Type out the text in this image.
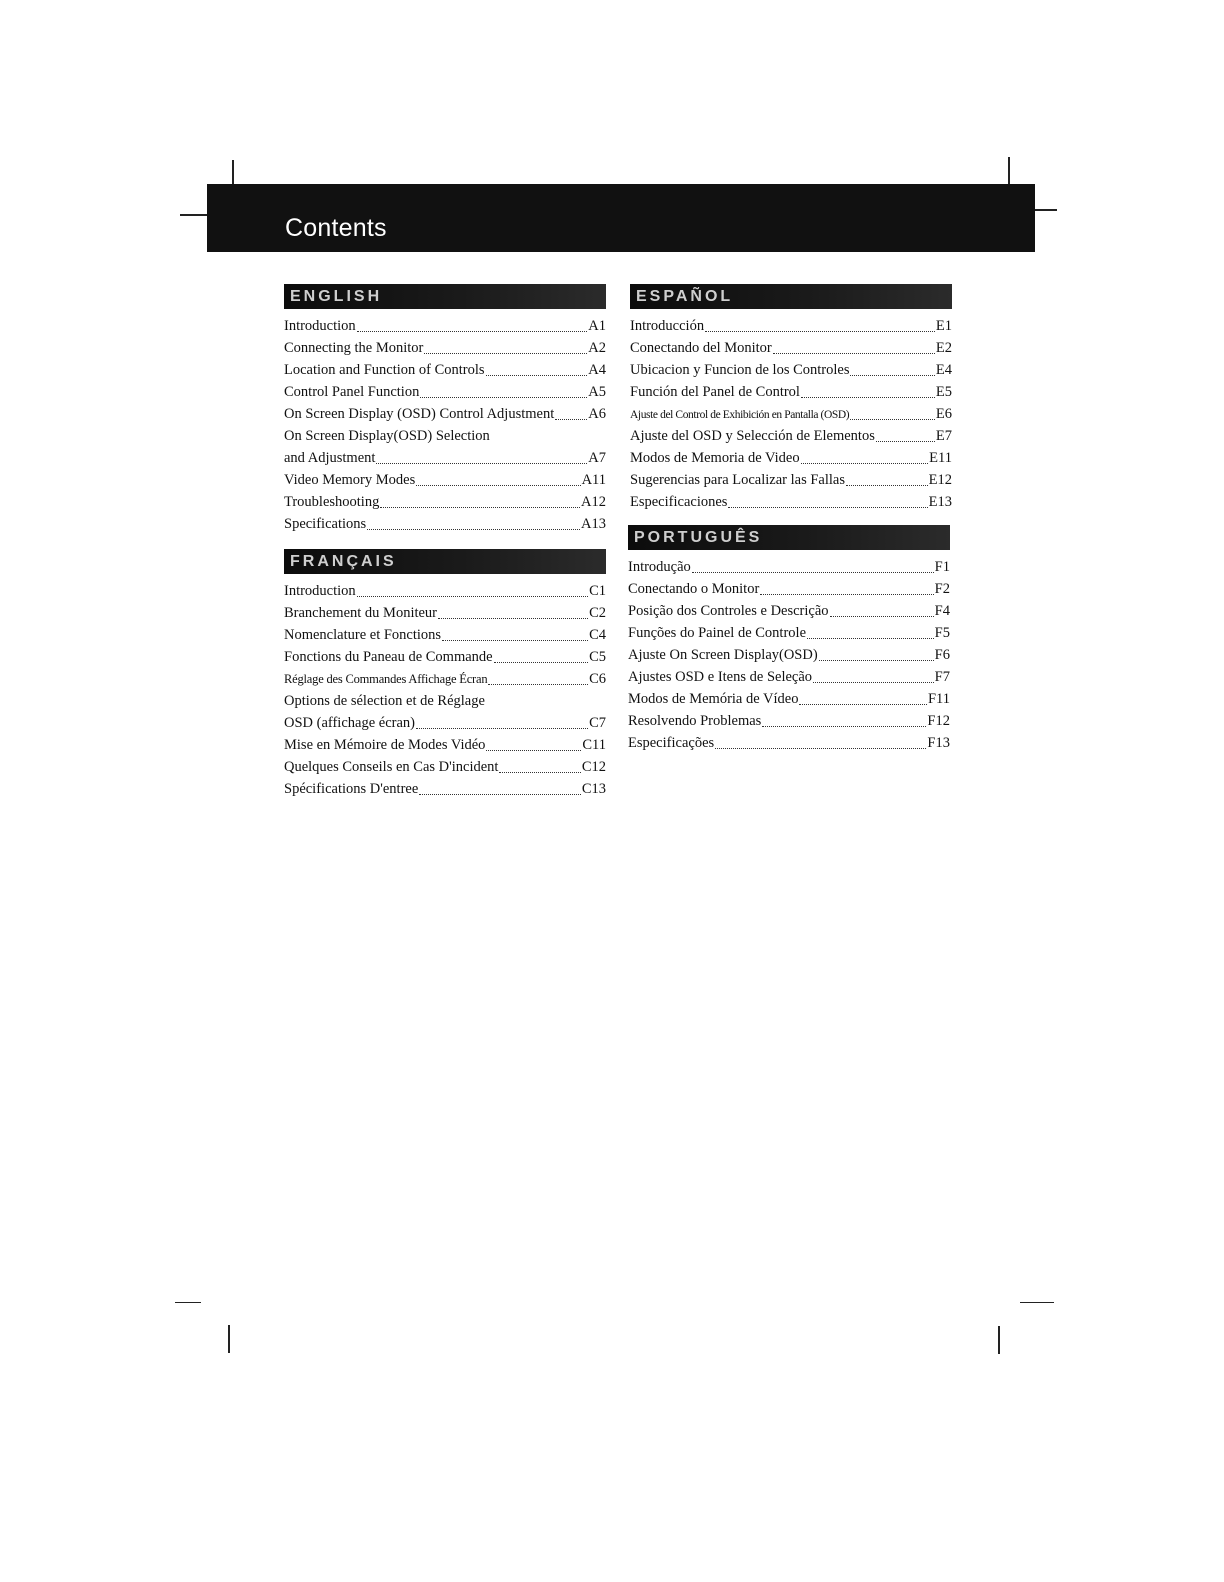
Contents
ENGLISH
Introduction	A1
Connecting the Monitor	A2
Location and Function of Controls	A4
Control Panel Function	A5
On Screen Display (OSD) Control Adjustment A6
On Screen Display(OSD) Selection
and Adjustment	A7
Video Memory Modes	A11
Troubleshooting	A12
Specifications	A13
FRANÇAIS
Introduction	C1
Branchement du Moniteur	C2
Nomenclature et Fonctions	C4
Fonctions du Paneau de Commande	C5
Réglage des Commandes Affichage Écran	C6
Options de sélection et de Réglage
OSD (affichage écran)	C7
Mise en Mémoire de Modes Vidéo	C11
Quelques Conseils en Cas D'incident	C12
Spécifications D'entree	C13
ESPAÑOL
Introducción	E1
Conectando del Monitor	E2
Ubicacion y Funcion de los Controles	E4
Función del Panel de Control	E5
Ajuste del Control de Exhibición en Pantalla (OSD)	E6
Ajuste del OSD y Selección de Elementos	E7
Modos de Memoria de Video	E11
Sugerencias para Localizar las Fallas	E12
Especificaciones	E13
PORTUGUÊS
Introdução	F1
Conectando o Monitor	F2
Posição dos Controles e Descrição	F4
Funções do Painel de Controle	F5
Ajuste On Screen Display(OSD)	F6
Ajustes OSD e Itens de Seleção	F7
Modos de Memória de Vídeo	F11
Resolvendo Problemas	F12
Especificações	F13
